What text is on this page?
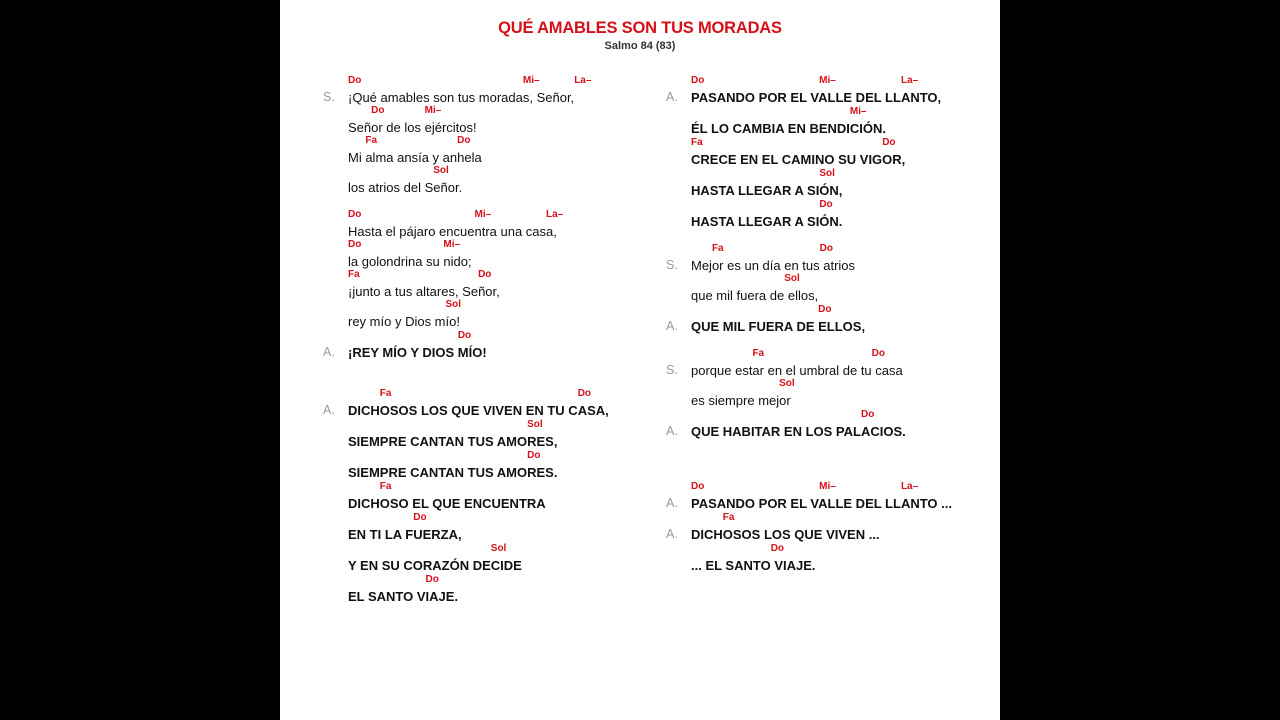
QUÉ AMABLES SON TUS MORADAS
Salmo 84 (83)
S. ¡Qué amables son tus moradas, Señor,
Do	Mi–	La–
Señor de los ejércitos!
Do	Mi–
Mi alma ansía y anhela
Fa	Do
los atrios del Señor.
Sol
Hasta el pájaro encuentra una casa,
Do	Mi–	La–
la golondrina su nido;
Do	Mi–
¡junto a tus altares, Señor,
Fa	Do
rey mío y Dios mío!
Sol
A. ¡REY MÍO Y DIOS MÍO!
Do
A. DICHOSOS LOS QUE VIVEN EN TU CASA,
Fa	Do
SIEMPRE CANTAN TUS AMORES,
Sol
SIEMPRE CANTAN TUS AMORES.
Do
DICHOSO EL QUE ENCUENTRA
Fa
EN TI LA FUERZA,
Do
Y EN SU CORAZÓN DECIDE
Sol
EL SANTO VIAJE.
Do
A. PASANDO POR EL VALLE DEL LLANTO,
Do	Mi–	La–
ÉL LO CAMBIA EN BENDICIÓN.
Mi–
CRECE EN EL CAMINO SU VIGOR,
Fa	Do
HASTA LLEGAR A SIÓN,
Sol
HASTA LLEGAR A SIÓN.
Do
S. Mejor es un día en tus atrios
Fa	Do
que mil fuera de ellos,
Sol
A. QUE MIL FUERA DE ELLOS,
Do
S. porque estar en el umbral de tu casa
Fa	Do
es siempre mejor
Sol
A. QUE HABITAR EN LOS PALACIOS.
Do
A. PASANDO POR EL VALLE DEL LLANTO ...
Do	Mi–	La–
A. DICHOSOS LOS QUE VIVEN ...
Fa
... EL SANTO VIAJE.
Do
